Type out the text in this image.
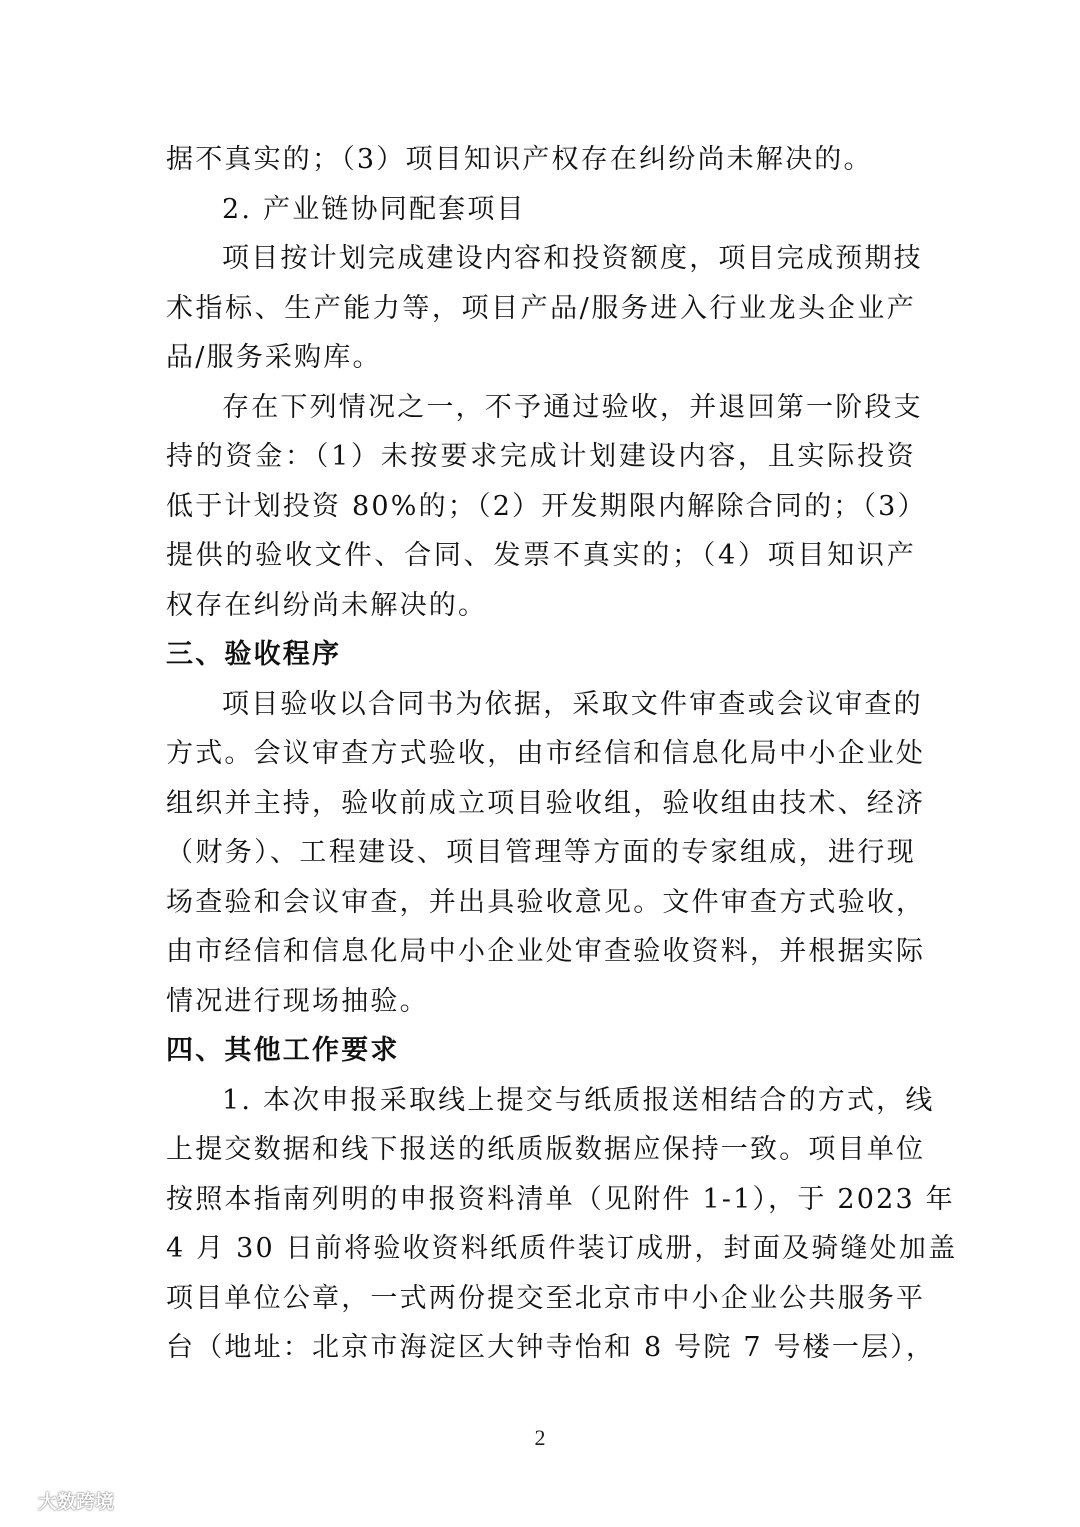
据不真实的；（3）项目知识产权存在纠纷尚未解决的。
2. 产业链协同配套项目
项目按计划完成建设内容和投资额度，项目完成预期技
术指标、生产能力等，项目产品/服务进入行业龙头企业产
品/服务采购库。
存在下列情况之一，不予通过验收，并退回第一阶段支
持的资金：（1）未按要求完成计划建设内容，且实际投资
低于计划投资 80%的；（2）开发期限内解除合同的；（3）
提供的验收文件、合同、发票不真实的；（4）项目知识产
权存在纠纷尚未解决的。
三、验收程序
项目验收以合同书为依据，采取文件审查或会议审查的
方式。会议审查方式验收，由市经信和信息化局中小企业处
组织并主持，验收前成立项目验收组，验收组由技术、经济
（财务）、工程建设、项目管理等方面的专家组成，进行现
场查验和会议审查，并出具验收意见。文件审查方式验收，
由市经信和信息化局中小企业处审查验收资料，并根据实际
情况进行现场抽验。
四、其他工作要求
1. 本次申报采取线上提交与纸质报送相结合的方式，线
上提交数据和线下报送的纸质版数据应保持一致。项目单位
按照本指南列明的申报资料清单（见附件 1-1），于 2023 年
4 月 30 日前将验收资料纸质件装订成册，封面及骑缝处加盖
项目单位公章，一式两份提交至北京市中小企业公共服务平
台（地址：北京市海淀区大钟寺怡和 8 号院 7 号楼一层），
2
大数跨境
